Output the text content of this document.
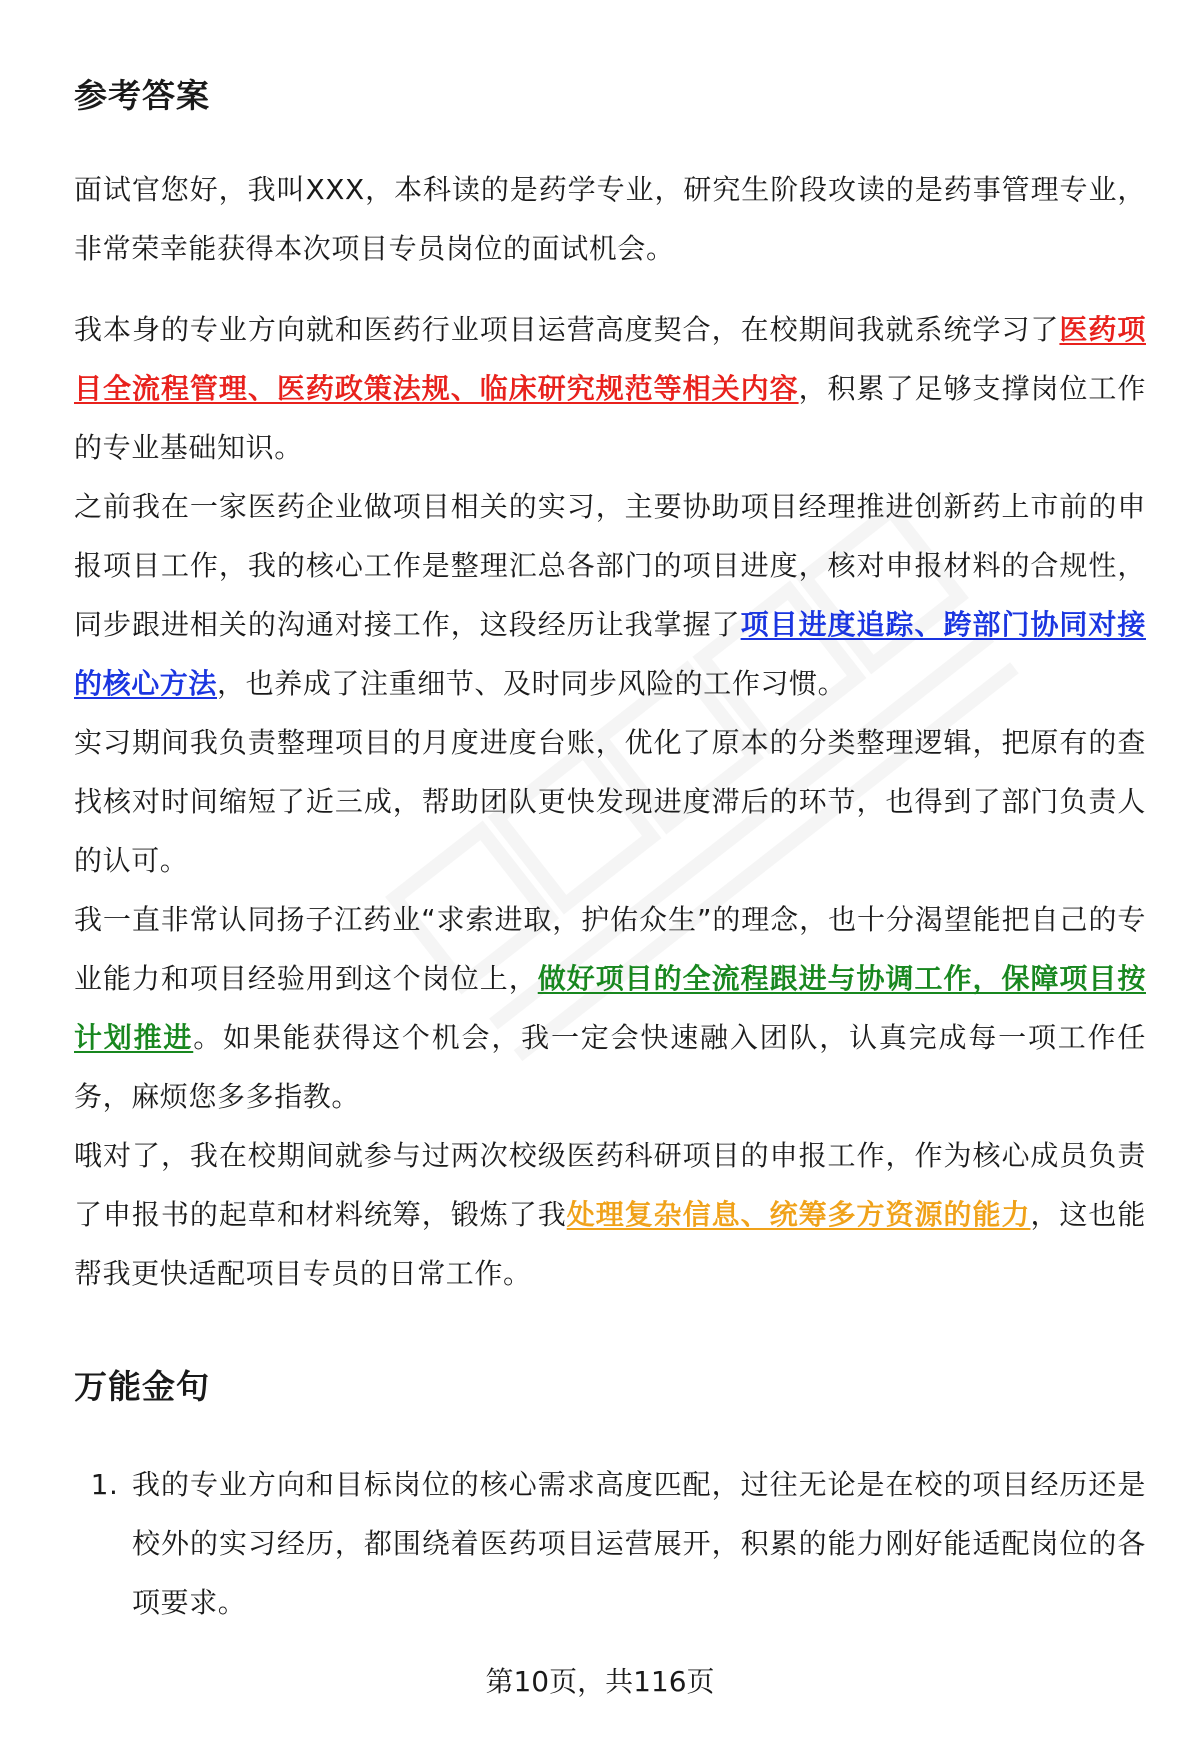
参考答案

面试官您好，我叫XXX，本科读的是药学专业，研究生阶段攻读的是药事管理专业，非常荣幸能获得本次项目专员岗位的面试机会。

我本身的专业方向就和医药行业项目运营高度契合，在校期间我就系统学习了医药项目全流程管理、医药政策法规、临床研究规范等相关内容，积累了足够支撑岗位工作的专业基础知识。

之前我在一家医药企业做项目相关的实习，主要协助项目经理推进创新药上市前的申报项目工作，我的核心工作是整理汇总各部门的项目进度，核对申报材料的合规性，同步跟进相关的沟通对接工作，这段经历让我掌握了项目进度追踪、跨部门协同对接的核心方法，也养成了注重细节、及时同步风险的工作习惯。

实习期间我负责整理项目的月度进度台账，优化了原本的分类整理逻辑，把原有的查找核对时间缩短了近三成，帮助团队更快发现进度滞后的环节，也得到了部门负责人的认可。

我一直非常认同扬子江药业“求索进取，护佑众生”的理念，也十分渴望能把自己的专业能力和项目经验用到这个岗位上，做好项目的全流程跟进与协调工作，保障项目按计划推进。如果能获得这个机会，我一定会快速融入团队，认真完成每一项工作任务，麻烦您多多指教。

哦对了，我在校期间就参与过两次校级医药科研项目的申报工作，作为核心成员负责了申报书的起草和材料统筹，锻炼了我处理复杂信息、统筹多方资源的能力，这也能帮我更快适配项目专员的日常工作。

万能金句
1. 我的专业方向和目标岗位的核心需求高度匹配，过往无论是在校的项目经历还是校外的实习经历，都围绕着医药项目运营展开，积累的能力刚好能适配岗位的各项要求。
第10页，共116页
